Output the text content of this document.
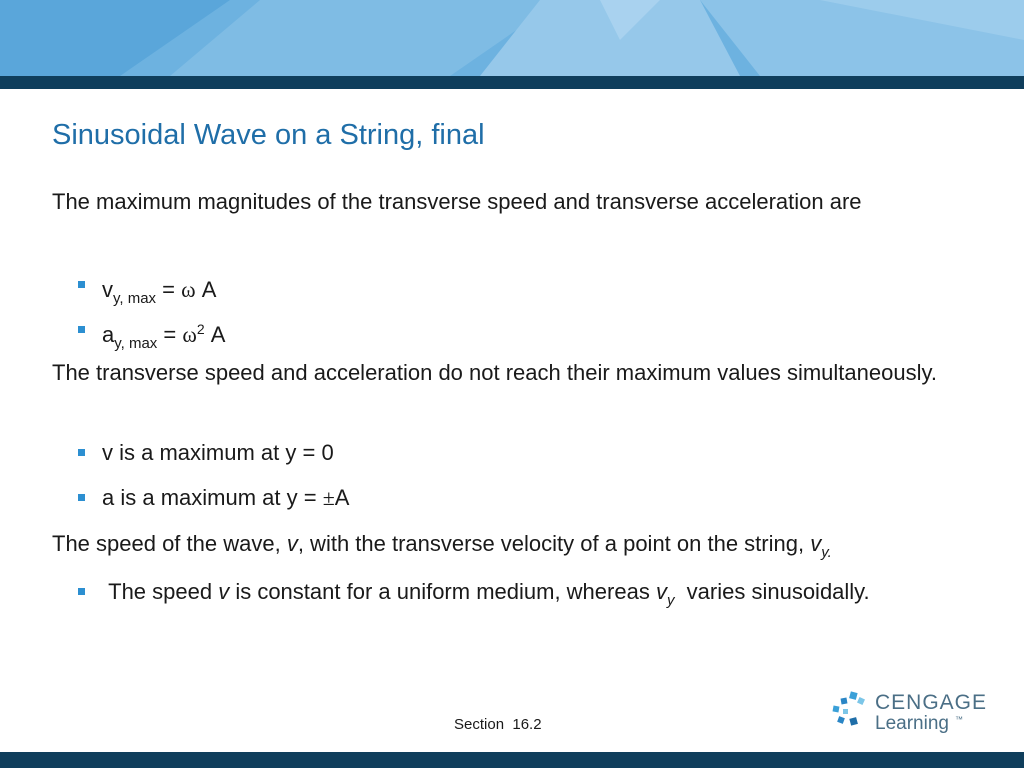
Sinusoidal Wave on a String, final

The maximum magnitudes of the transverse speed and transverse acceleration are

$v_{y, max} = \omega$ A
$a_{y, max} = \omega^2$ A

The transverse speed and acceleration do not reach their maximum values simultaneously.

v is a maximum at y = 0
a is a maximum at y = ±A

The speed of the wave, v, with the transverse velocity of a point on the string, $v_{y.}$

The speed v is constant for a uniform medium, whereas $v_y$  varies sinusoidally.
Section  16.2
CENGAGE
Learning ™
